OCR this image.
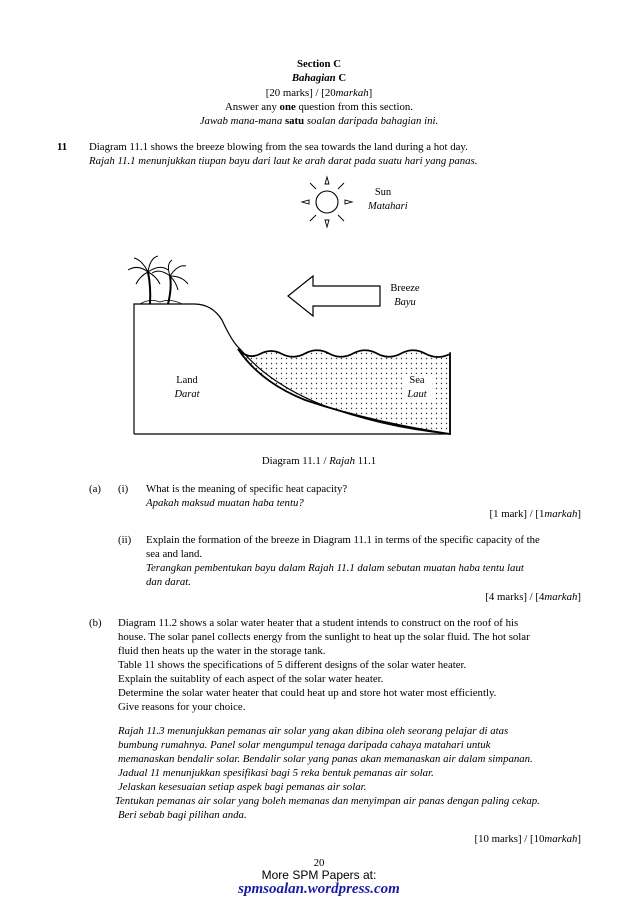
Section C
Bahagian C
[20 marks] / [20markah]
Answer any one question from this section.
Jawab mana-mana satu soalan daripada bahagian ini.
11 Diagram 11.1 shows the breeze blowing from the sea towards the land during a hot day.
Rajah 11.1 menunjukkan tiupan bayu dari laut ke arah darat pada suatu hari yang panas.
Sun
Matahari
Breeze
Bayu
Land
Darat
Sea
Laut
Diagram 11.1 / Rajah 11.1
(a) (i) What is the meaning of specific heat capacity?
Apakah maksud muatan haba tentu?
[1 mark] / [1markah]
(ii) Explain the formation of the breeze in Diagram 11.1 in terms of the specific capacity of the
sea and land.
Terangkan pembentukan bayu dalam Rajah 11.1 dalam sebutan muatan haba tentu laut
dan darat.
[4 marks] / [4markah]
(b) Diagram 11.2 shows a solar water heater that a student intends to construct on the roof of his
house. The solar panel collects energy from the sunlight to heat up the solar fluid. The hot solar
fluid then heats up the water in the storage tank.
Table 11 shows the specifications of 5 different designs of the solar water heater.
Explain the suitablity of each aspect of the solar water heater.
Determine the solar water heater that could heat up and store hot water most efficiently.
Give reasons for your choice.
Rajah 11.3 menunjukkan pemanas air solar yang akan dibina oleh seorang pelajar di atas
bumbung rumahnya. Panel solar mengumpul tenaga daripada cahaya matahari untuk
memanaskan bendalir solar. Bendalir solar yang panas akan memanaskan air dalam simpanan.
Jadual 11 menunjukkan spesifikasi bagi 5 reka bentuk pemanas air solar.
Jelaskan kesesuaian setiap aspek bagi pemanas air solar.
Tentukan pemanas air solar yang boleh memanas dan menyimpan air panas dengan paling cekap.
Beri sebab bagi pilihan anda.
[10 marks] / [10markah]
20
More SPM Papers at:
spmsoalan.wordpress.com
